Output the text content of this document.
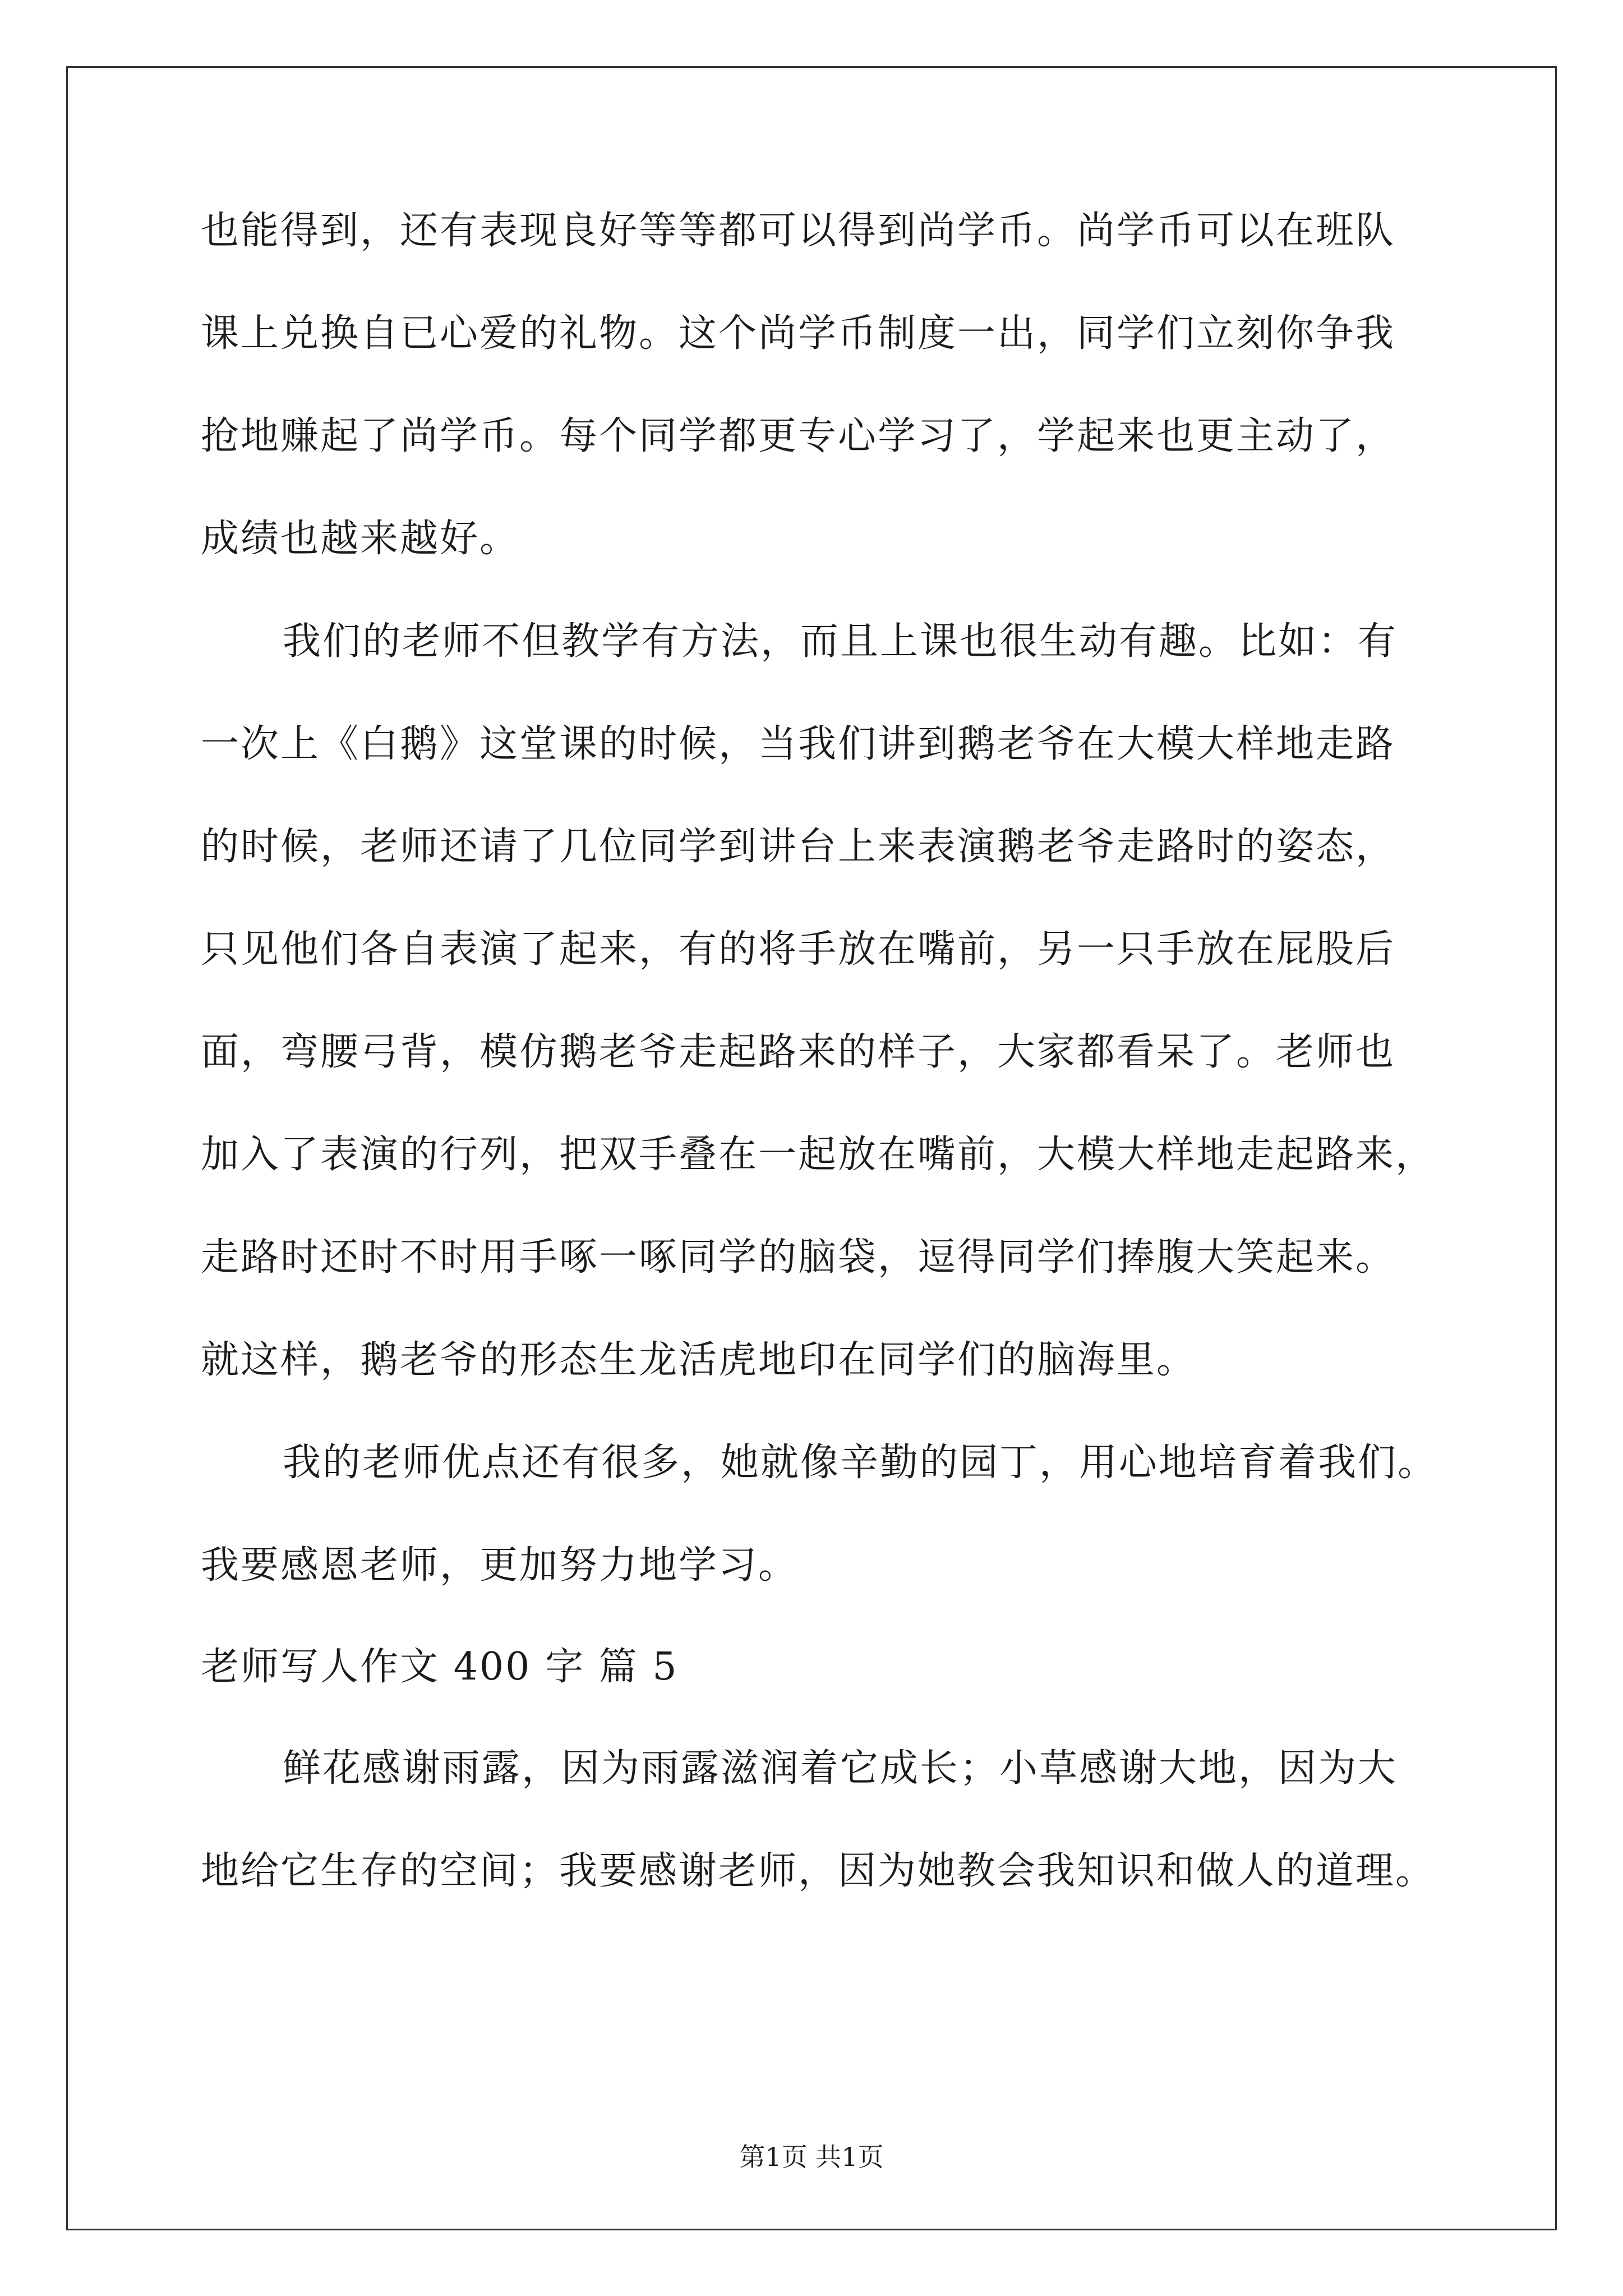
也能得到，还有表现良好等等都可以得到尚学币。尚学币可以在班队
课上兑换自已心爱的礼物。这个尚学币制度一出，同学们立刻你争我
抢地赚起了尚学币。每个同学都更专心学习了，学起来也更主动了，
成绩也越来越好。
我们的老师不但教学有方法，而且上课也很生动有趣。比如：有
一次上《白鹅》这堂课的时候，当我们讲到鹅老爷在大模大样地走路
的时候，老师还请了几位同学到讲台上来表演鹅老爷走路时的姿态，
只见他们各自表演了起来，有的将手放在嘴前，另一只手放在屁股后
面，弯腰弓背，模仿鹅老爷走起路来的样子，大家都看呆了。老师也
加入了表演的行列，把双手叠在一起放在嘴前，大模大样地走起路来，
走路时还时不时用手啄一啄同学的脑袋，逗得同学们捧腹大笑起来。
就这样，鹅老爷的形态生龙活虎地印在同学们的脑海里。
我的老师优点还有很多，她就像辛勤的园丁，用心地培育着我们。
我要感恩老师，更加努力地学习。
老师写人作文 400 字 篇 5
鲜花感谢雨露，因为雨露滋润着它成长；小草感谢大地，因为大
地给它生存的空间；我要感谢老师，因为她教会我知识和做人的道理。
第1页 共1页
